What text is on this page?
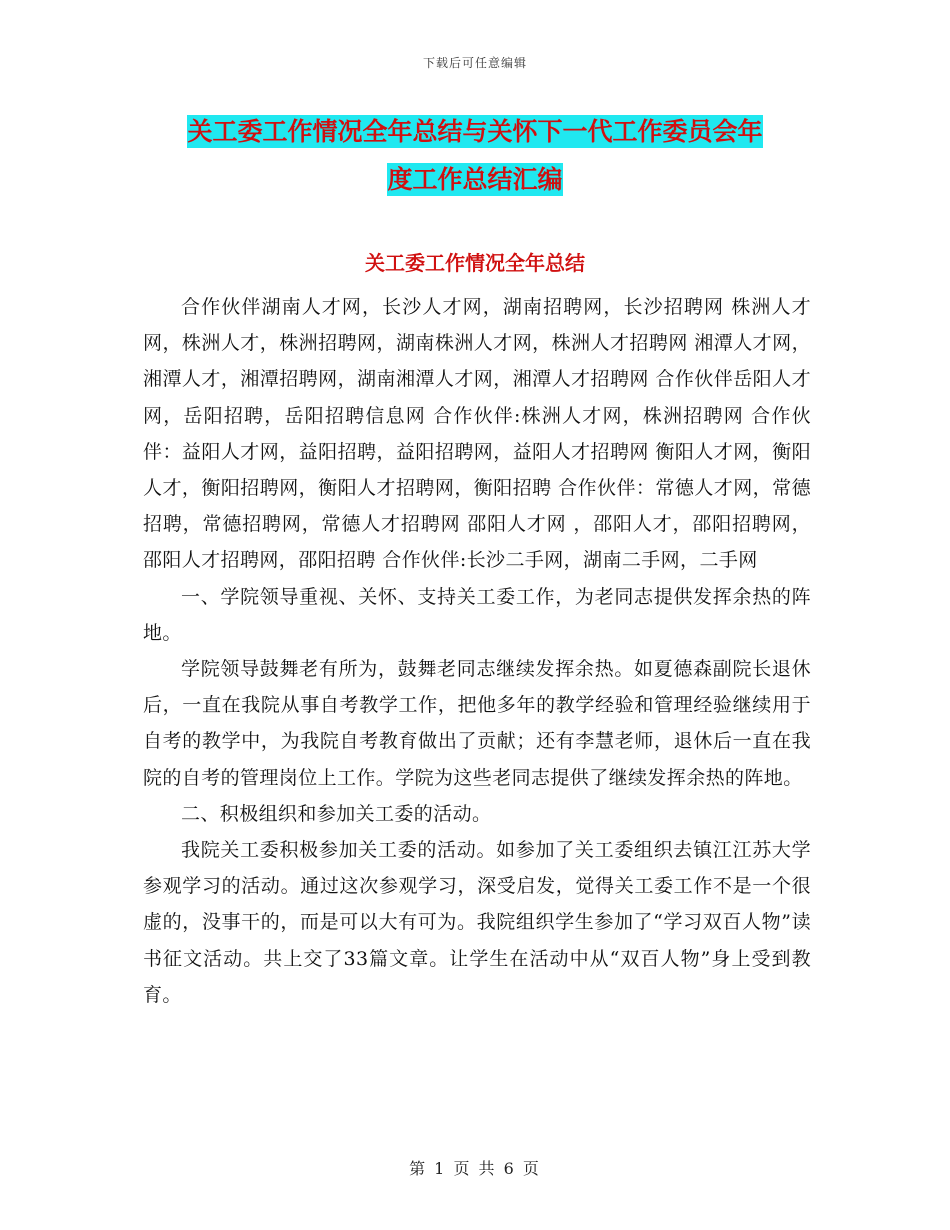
下载后可任意编辑
关工委工作情况全年总结与关怀下一代工作委员会年
度工作总结汇编
关工委工作情况全年总结

合作伙伴湖南人才网，长沙人才网，湖南招聘网，长沙招聘网 株洲人才网，株洲人才，株洲招聘网，湖南株洲人才网，株洲人才招聘网 湘潭人才网，湘潭人才，湘潭招聘网，湖南湘潭人才网，湘潭人才招聘网 合作伙伴岳阳人才网，岳阳招聘，岳阳招聘信息网 合作伙伴:株洲人才网，株洲招聘网 合作伙伴：益阳人才网，益阳招聘，益阳招聘网，益阳人才招聘网 衡阳人才网，衡阳人才，衡阳招聘网，衡阳人才招聘网，衡阳招聘 合作伙伴：常德人才网，常德招聘，常德招聘网，常德人才招聘网 邵阳人才网 ，邵阳人才，邵阳招聘网，邵阳人才招聘网，邵阳招聘 合作伙伴:长沙二手网，湖南二手网，二手网

一、学院领导重视、关怀、支持关工委工作，为老同志提供发挥余热的阵地。

学院领导鼓舞老有所为，鼓舞老同志继续发挥余热。如夏德森副院长退休后，一直在我院从事自考教学工作，把他多年的教学经验和管理经验继续用于自考的教学中，为我院自考教育做出了贡献；还有李慧老师，退休后一直在我院的自考的管理岗位上工作。学院为这些老同志提供了继续发挥余热的阵地。

二、积极组织和参加关工委的活动。

我院关工委积极参加关工委的活动。如参加了关工委组织去镇江江苏大学参观学习的活动。通过这次参观学习，深受启发，觉得关工委工作不是一个很虚的，没事干的，而是可以大有可为。我院组织学生参加了“学习双百人物”读书征文活动。共上交了33篇文章。让学生在活动中从“双百人物”身上受到教育。

第 1 页 共 6 页
